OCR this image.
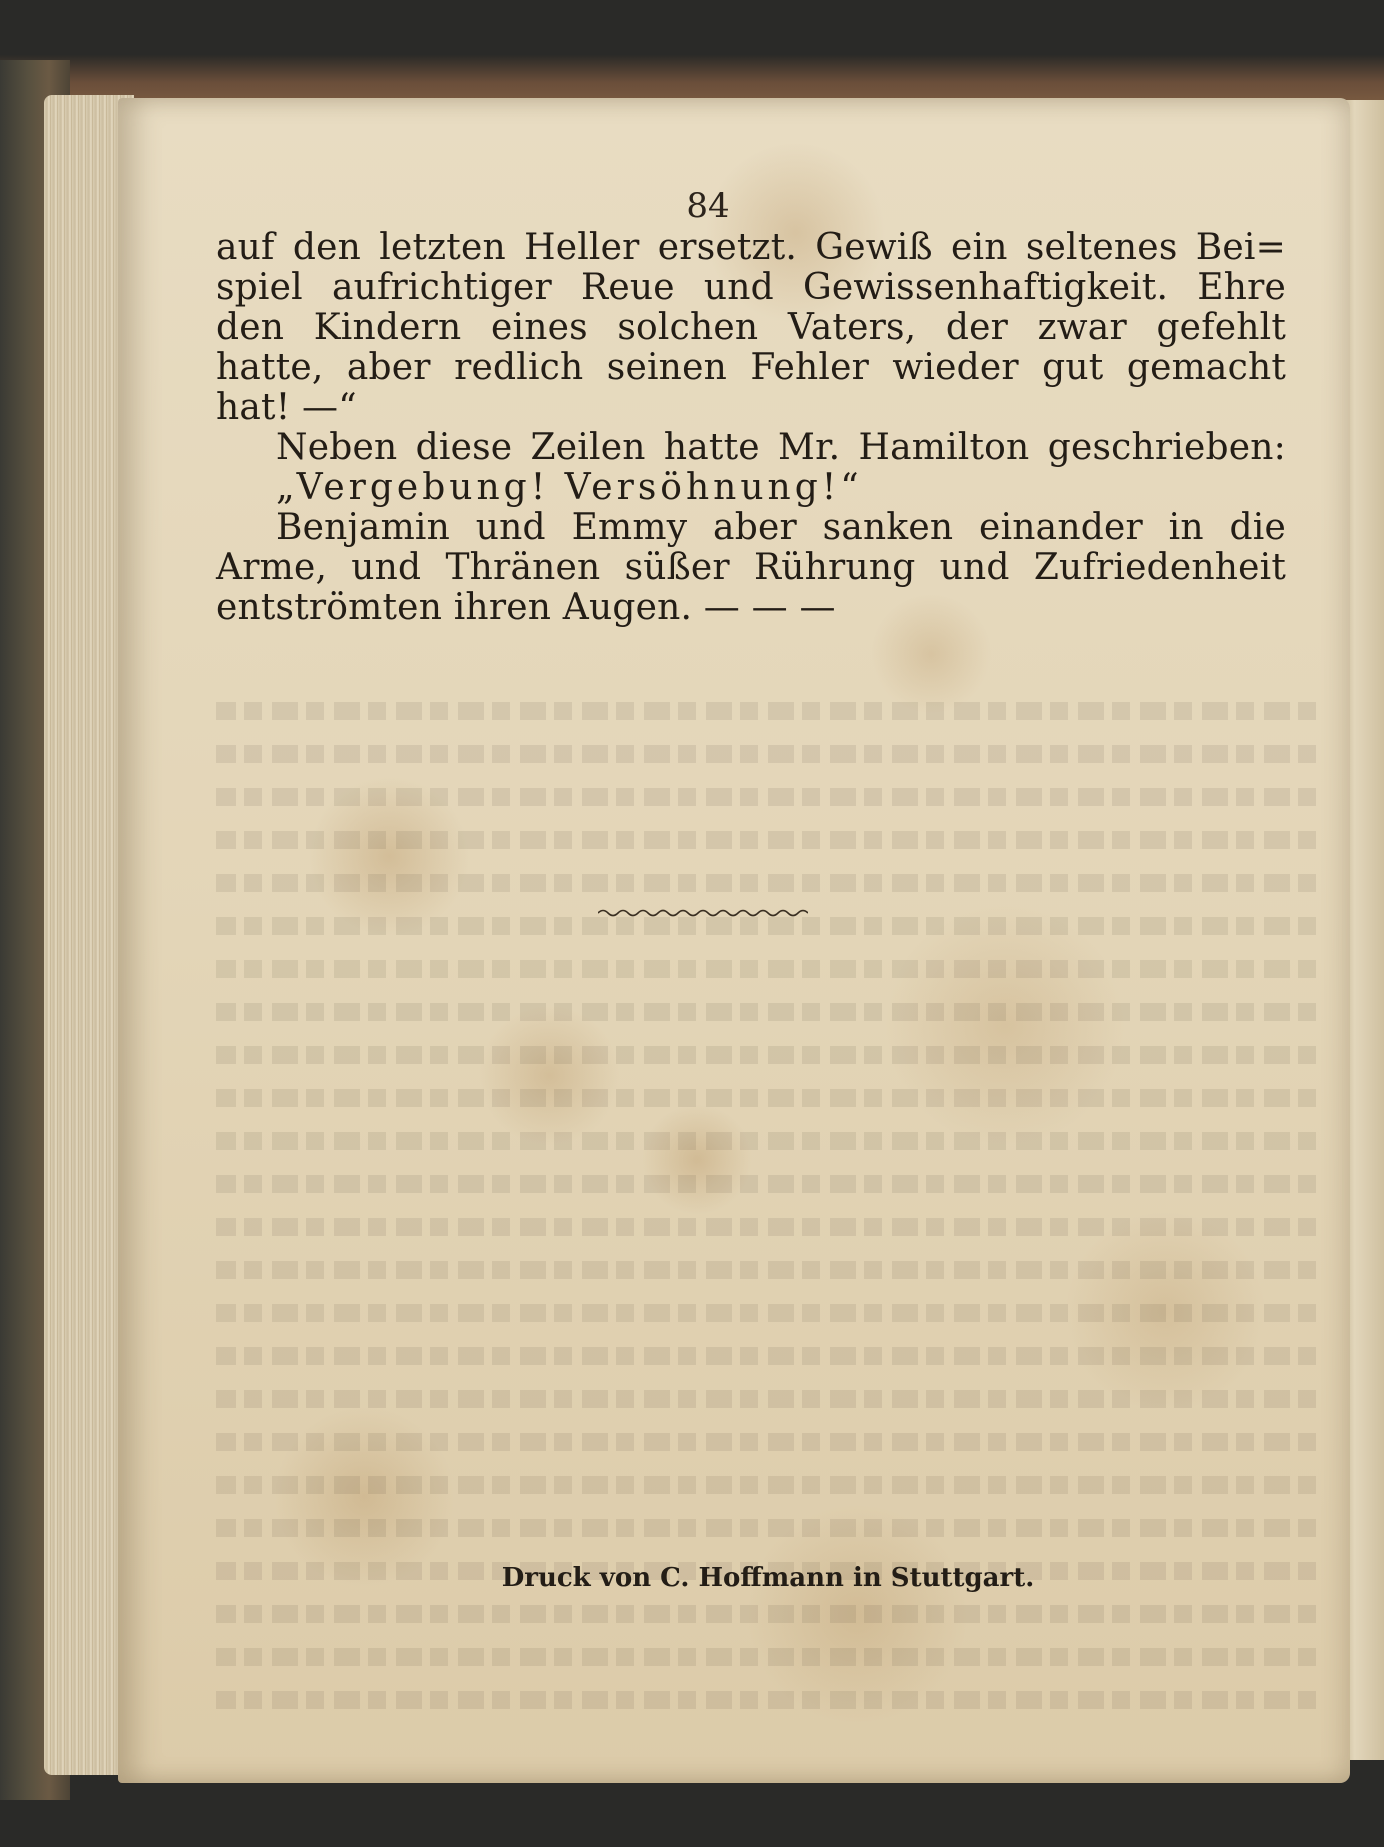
84

auf den letzten Heller ersetzt. Gewiß ein seltenes Bei=

spiel aufrichtiger Reue und Gewissenhaftigkeit. Ehre

den Kindern eines solchen Vaters, der zwar gefehlt

hatte, aber redlich seinen Fehler wieder gut gemacht

hat! —“

Neben diese Zeilen hatte Mr. Hamilton geschrieben:

„Vergebung! Versöhnung!“

Benjamin und Emmy aber sanken einander in die

Arme, und Thränen süßer Rührung und Zufriedenheit

entströmten ihren Augen. — — —

Druck von C. Hoffmann in Stuttgart.
